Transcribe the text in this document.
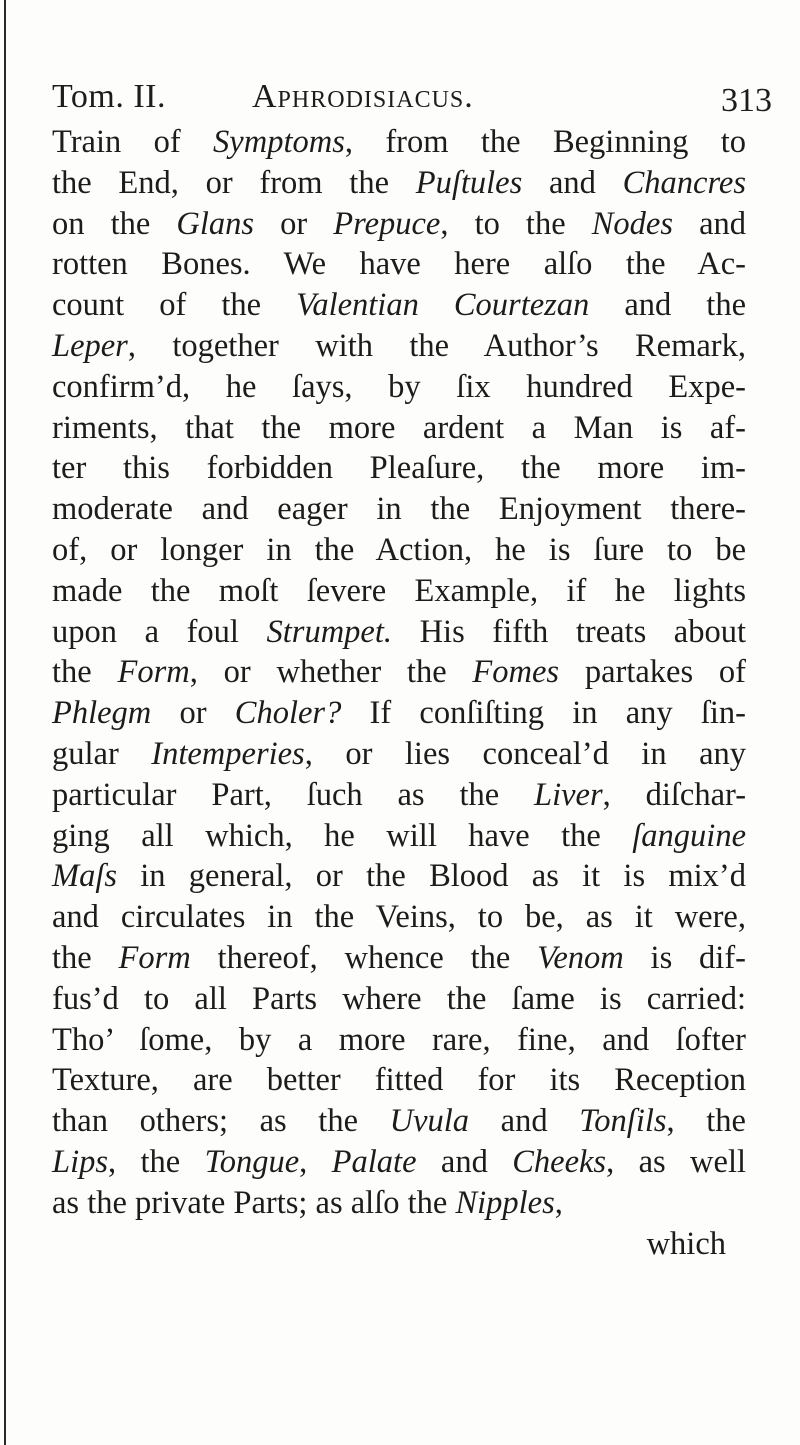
Tom. II.	Aphrodisiacus.	313
Train of Symptoms, from the Beginning to
the End, or from the Puſtules and Chancres
on the Glans or Prepuce, to the Nodes and
rotten Bones. We have here alſo the Ac-
count of the Valentian Courtezan and the
Leper, together with the Author’s Remark,
confirm’d, he ſays, by ſix hundred Expe-
riments, that the more ardent a Man is af-
ter this forbidden Pleaſure, the more im-
moderate and eager in the Enjoyment there-
of, or longer in the Action, he is ſure to be
made the moſt ſevere Example, if he lights
upon a foul Strumpet. His fifth treats about
the Form, or whether the Fomes partakes of
Phlegm or Choler? If conſiſting in any ſin-
gular Intemperies, or lies conceal’d in any
particular Part, ſuch as the Liver, diſchar-
ging all which, he will have the ſanguine
Maſs in general, or the Blood as it is mix’d
and circulates in the Veins, to be, as it were,
the Form thereof, whence the Venom is dif-
fus’d to all Parts where the ſame is carried:
Tho’ ſome, by a more rare, fine, and ſofter
Texture, are better fitted for its Reception
than others; as the Uvula and Tonſils, the
Lips, the Tongue, Palate and Cheeks, as well
as the private Parts; as alſo the Nipples,
which
